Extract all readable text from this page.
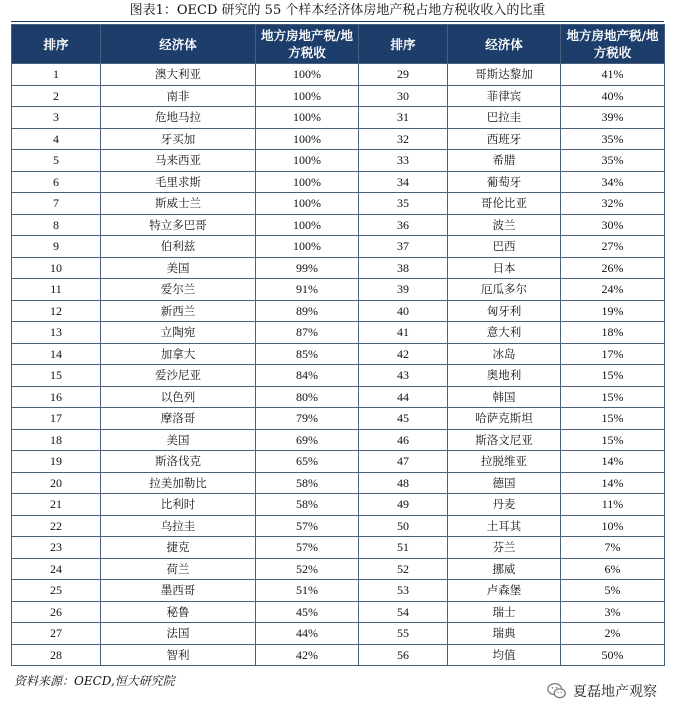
图表1：OECD 研究的 55 个样本经济体房地产税占地方税收收入的比重
排序	经济体	地方房地产税/地方税收	排序	经济体	地方房地产税/地方税收
1	澳大利亚	100%	29	哥斯达黎加	41%
2	南非	100%	30	菲律宾	40%
3	危地马拉	100%	31	巴拉圭	39%
4	牙买加	100%	32	西班牙	35%
5	马来西亚	100%	33	希腊	35%
6	毛里求斯	100%	34	葡萄牙	34%
7	斯威士兰	100%	35	哥伦比亚	32%
8	特立多巴哥	100%	36	波兰	30%
9	伯利兹	100%	37	巴西	27%
10	美国	99%	38	日本	26%
11	爱尔兰	91%	39	厄瓜多尔	24%
12	新西兰	89%	40	匈牙利	19%
13	立陶宛	87%	41	意大利	18%
14	加拿大	85%	42	冰岛	17%
15	爱沙尼亚	84%	43	奥地利	15%
16	以色列	80%	44	韩国	15%
17	摩洛哥	79%	45	哈萨克斯坦	15%
18	美国	69%	46	斯洛文尼亚	15%
19	斯洛伐克	65%	47	拉脱维亚	14%
20	拉美加勒比	58%	48	德国	14%
21	比利时	58%	49	丹麦	11%
22	乌拉圭	57%	50	土耳其	10%
23	捷克	57%	51	芬兰	7%
24	荷兰	52%	52	挪威	6%
25	墨西哥	51%	53	卢森堡	5%
26	秘鲁	45%	54	瑞士	3%
27	法国	44%	55	瑞典	2%
28	智利	42%	56	均值	50%
资料来源：OECD,恒大研究院
夏磊地产观察
